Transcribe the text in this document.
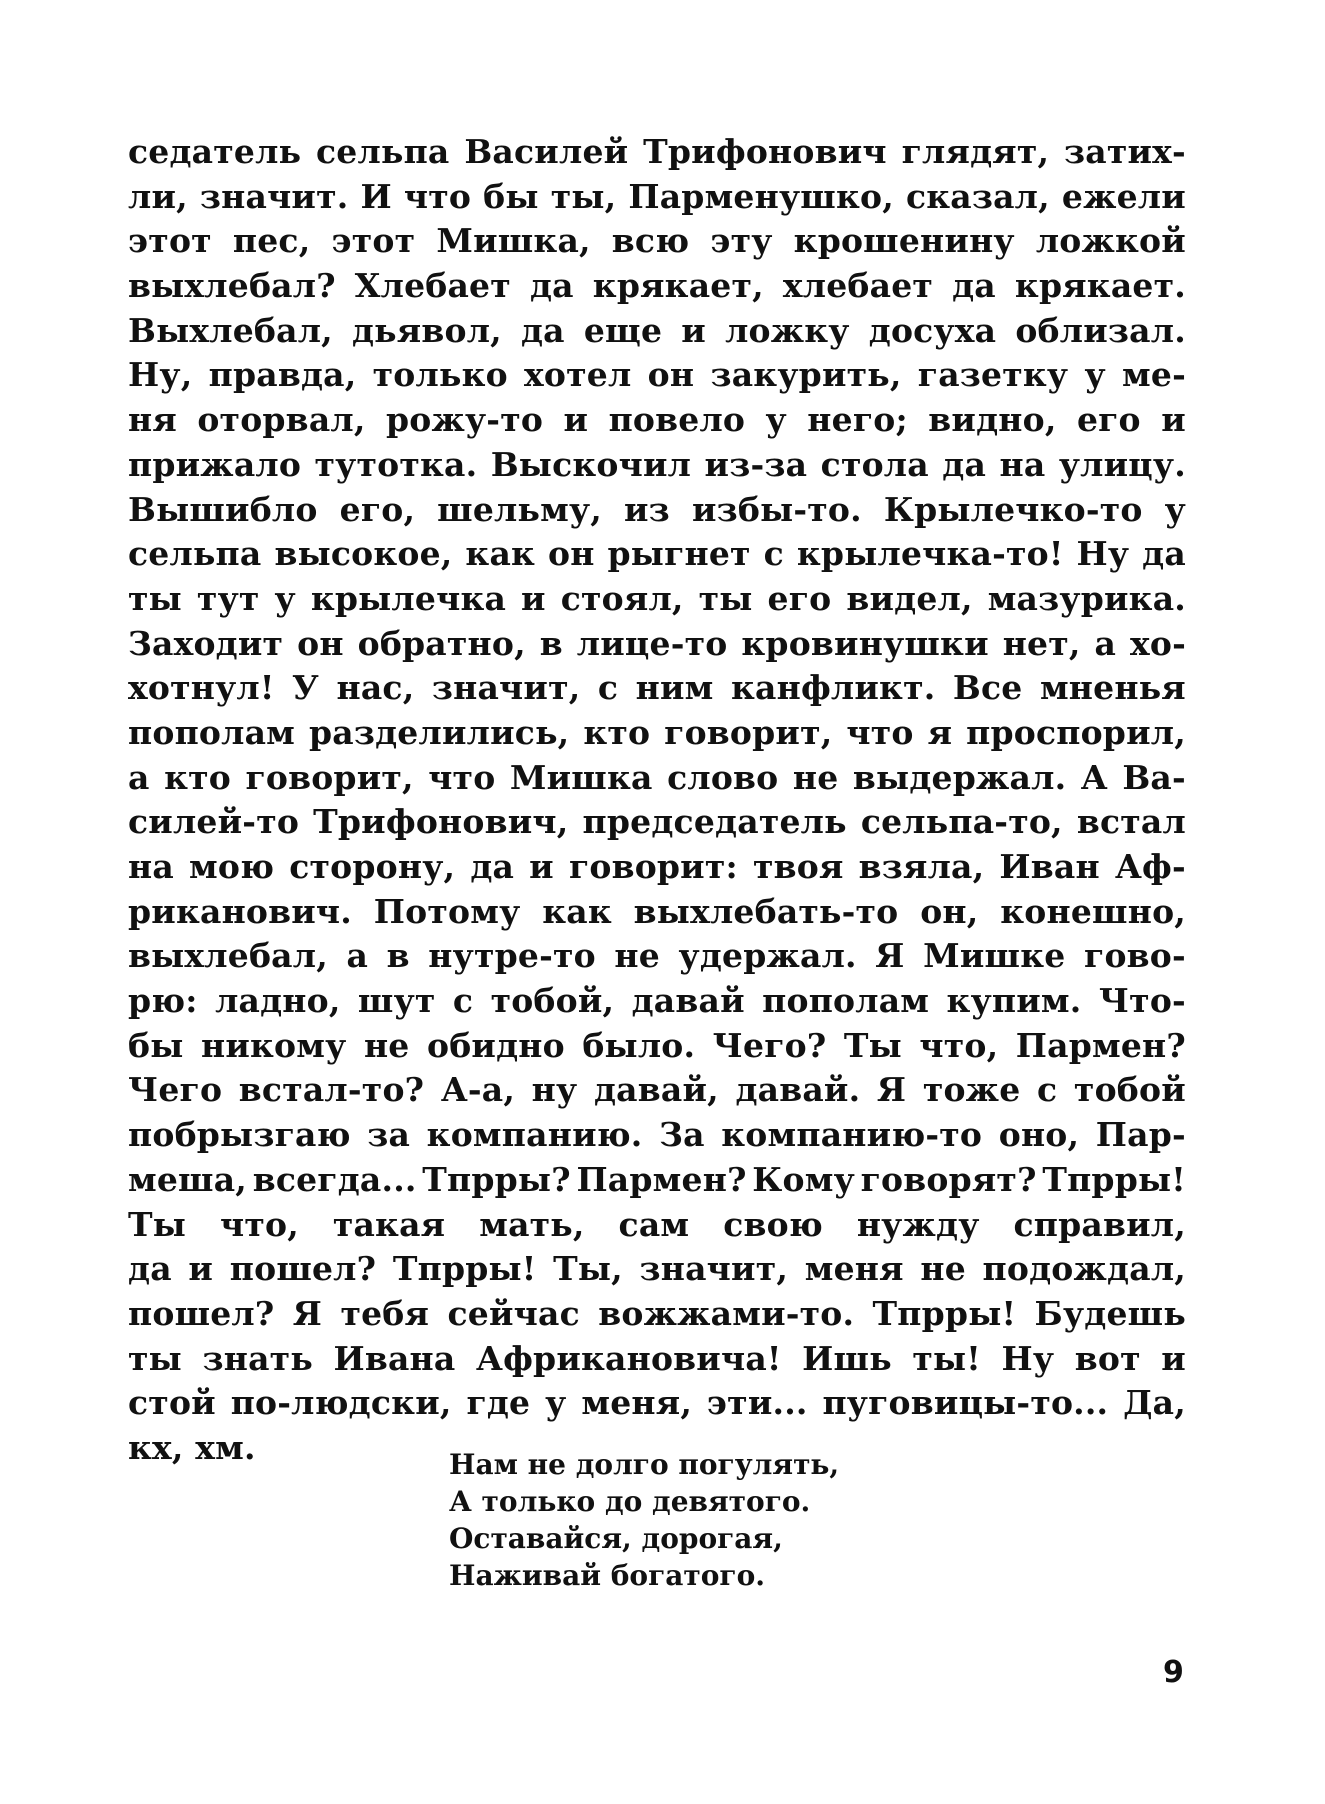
седатель сельпа Василей Трифонович глядят, затих-
ли, значит. И что бы ты, Парменушко, сказал, ежели
этот пес, этот Мишка, всю эту крошенину ложкой
выхлебал? Хлебает да крякает, хлебает да крякает.
Выхлебал, дьявол, да еще и ложку досуха облизал.
Ну, правда, только хотел он закурить, газетку у ме-
ня оторвал, рожу-то и повело у него; видно, его и
прижало тутотка. Выскочил из-за стола да на улицу.
Вышибло его, шельму, из избы-то. Крылечко-то у
сельпа высокое, как он рыгнет с крылечка-то! Ну да
ты тут у крылечка и стоял, ты его видел, мазурика.
Заходит он обратно, в лице-то кровинушки нет, а хо-
хотнул! У нас, значит, с ним канфликт. Все мненья
пополам разделились, кто говорит, что я проспорил,
а кто говорит, что Мишка слово не выдержал. А Ва-
силей-то Трифонович, председатель сельпа-то, встал
на мою сторону, да и говорит: твоя взяла, Иван Аф-
риканович. Потому как выхлебать-то он, конешно,
выхлебал, а в нутре-то не удержал. Я Мишке гово-
рю: ладно, шут с тобой, давай пополам купим. Что-
бы никому не обидно было. Чего? Ты что, Пармен?
Чего встал-то? А-а, ну давай, давай. Я тоже с тобой
побрызгаю за компанию. За компанию-то оно, Пар-
меша, всегда... Тпрры? Пармен? Кому говорят? Тпрры!
Ты что, такая мать, сам свою нужду справил,
да и пошел? Тпрры! Ты, значит, меня не подождал,
пошел? Я тебя сейчас вожжами-то. Тпрры! Будешь
ты знать Ивана Африкановича! Ишь ты! Ну вот и
стой по-людски, где у меня, эти... пуговицы-то... Да,
кх, хм.	Нам не долго погулять,
А только до девятого.
Оставайся, дорогая,
Наживай богатого.
9
